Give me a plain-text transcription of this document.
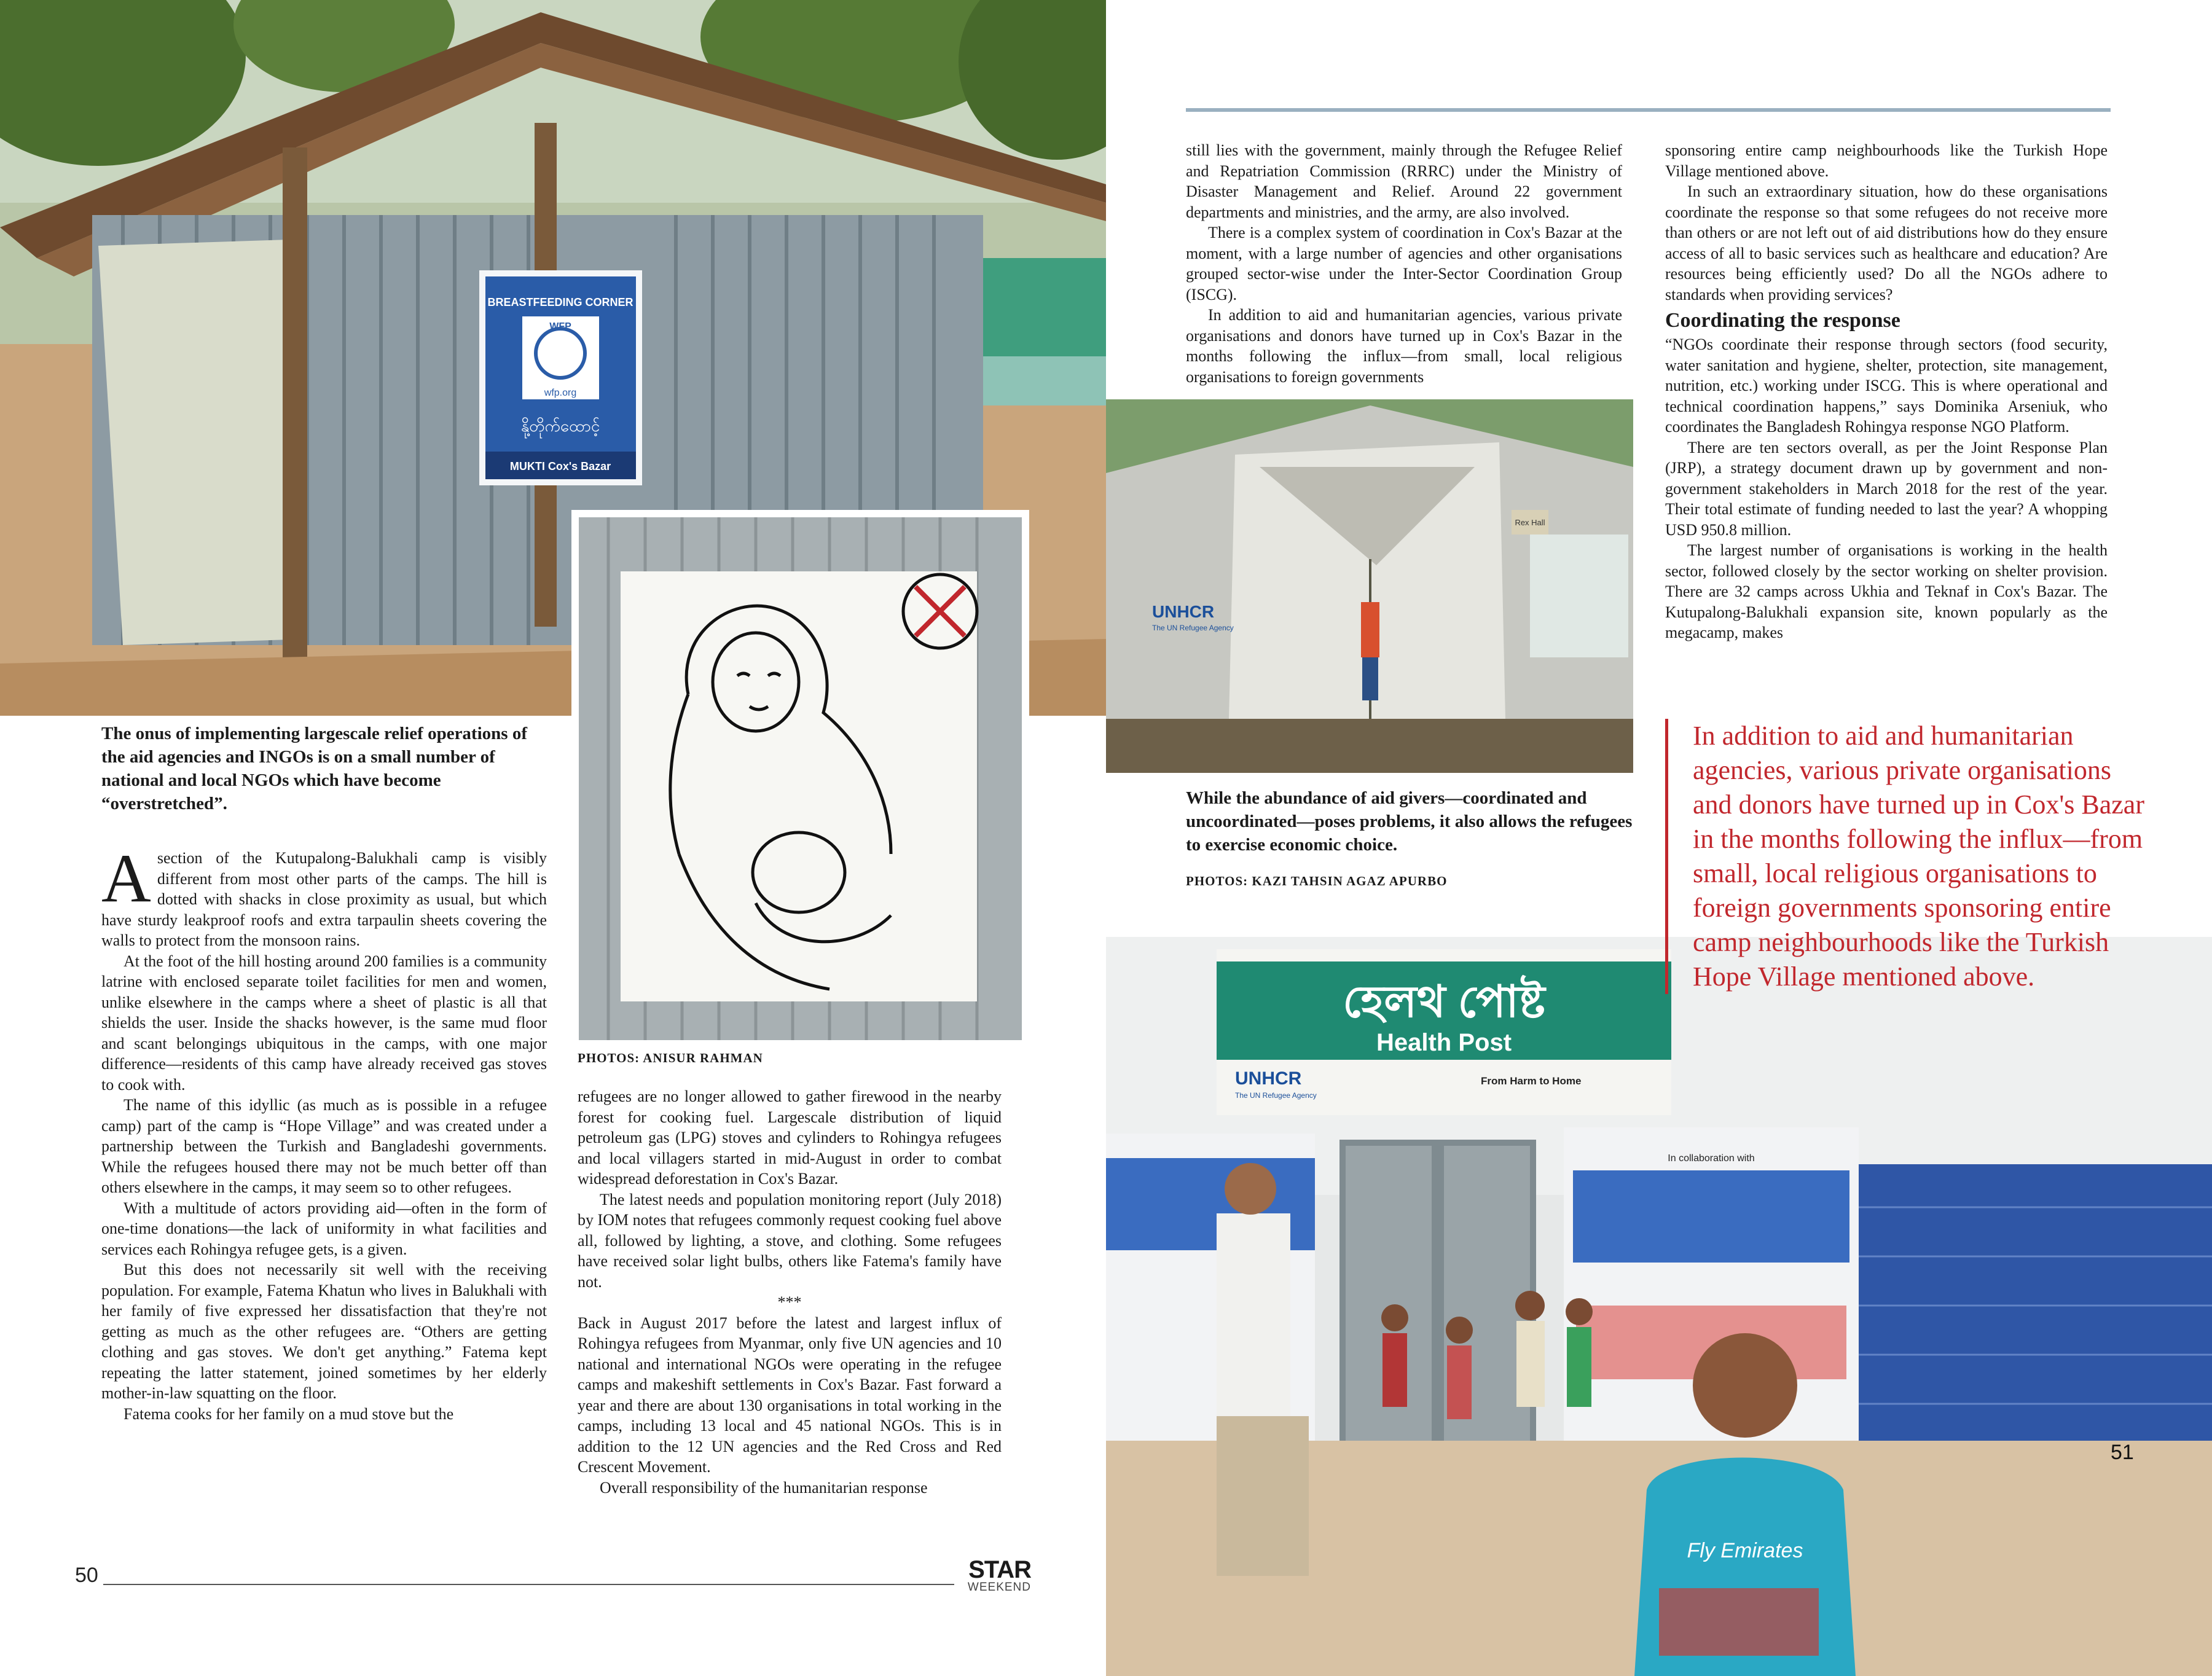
BREASTFEEDING CORNER
WFP
wfp.org
နို့တိုက်ထောင့်
MUKTI Cox's Bazar
Rex Hall
UNHCR
The UN Refugee Agency
হেলথ পোষ্ট
Health Post
UNHCR
The UN Refugee Agency
From Harm to Home
In collaboration with
Fly Emirates
The onus of implementing largescale relief operations of the aid agencies and INGOs is on a small number of national and local NGOs which have become “overstretched”.
PHOTOS: ANISUR RAHMAN
While the abundance of aid givers—coordinated and uncoordinated—poses problems, it also allows the refugees to exercise economic choice.
PHOTOS: KAZI TAHSIN AGAZ APURBO

Asection of the Kutupalong-Balukhali camp is visibly different from most other parts of the camps. The hill is dotted with shacks in close proximity as usual, but which have sturdy leakproof roofs and extra tarpaulin sheets covering the walls to protect from the monsoon rains.

At the foot of the hill hosting around 200 families is a community latrine with enclosed separate toilet facilities for men and women, unlike elsewhere in the camps where a sheet of plastic is all that shields the user. Inside the shacks however, is the same mud floor and scant belongings ubiquitous in the camps, with one major difference—residents of this camp have already received gas stoves to cook with.

The name of this idyllic (as much as is possible in a refugee camp) part of the camp is “Hope Village” and was created under a partnership between the Turkish and Bangladeshi governments. While the refugees housed there may not be much better off than others elsewhere in the camps, it may seem so to other refugees.

With a multitude of actors providing aid—often in the form of one-time donations—the lack of uniformity in what facilities and services each Rohingya refugee gets, is a given.

But this does not necessarily sit well with the receiving population. For example, Fatema Khatun who lives in Balukhali with her family of five expressed her dissatisfaction that they're not getting as much as the other refugees are. “Others are getting clothing and gas stoves. We don't get anything.” Fatema kept repeating the latter statement, joined sometimes by her elderly mother-in-law squatting on the floor.

Fatema cooks for her family on a mud stove but the

refugees are no longer allowed to gather firewood in the nearby forest for cooking fuel. Largescale distribution of liquid petroleum gas (LPG) stoves and cylinders to Rohingya refugees and local villagers started in mid-August in order to combat widespread deforestation in Cox's Bazar.

The latest needs and population monitoring report (July 2018) by IOM notes that refugees commonly request cooking fuel above all, followed by lighting, a stove, and clothing. Some refugees have received solar light bulbs, others like Fatema's family have not.

***

Back in August 2017 before the latest and largest influx of Rohingya refugees from Myanmar, only five UN agencies and 10 national and international NGOs were operating in the refugee camps and makeshift settlements in Cox's Bazar. Fast forward a year and there are about 130 organisations in total working in the camps, including 13 local and 45 national NGOs. This is in addition to the 12 UN agencies and the Red Cross and Red Crescent Movement.

Overall responsibility of the humanitarian response

still lies with the government, mainly through the Refugee Relief and Repatriation Commission (RRRC) under the Ministry of Disaster Management and Relief. Around 22 government departments and ministries, and the army, are also involved.

There is a complex system of coordination in Cox's Bazar at the moment, with a large number of agencies and other organisations grouped sector-wise under the Inter-Sector Coordination Group (ISCG).

In addition to aid and humanitarian agencies, various private organisations and donors have turned up in Cox's Bazar in the months following the influx—from small, local religious organisations to foreign governments

sponsoring entire camp neighbourhoods like the Turkish Hope Village mentioned above.

In such an extraordinary situation, how do these organisations coordinate the response so that some refugees do not receive more than others or are not left out of aid distributions how do they ensure access of all to basic services such as healthcare and education? Are resources being efficiently used? Do all the NGOs adhere to standards when providing services?

Coordinating the response

“NGOs coordinate their response through sectors (food security, water sanitation and hygiene, shelter, protection, site management, nutrition, etc.) working under ISCG. This is where operational and technical coordination happens,” says Dominika Arseniuk, who coordinates the Bangladesh Rohingya response NGO Platform.

There are ten sectors overall, as per the Joint Response Plan (JRP), a strategy document drawn up by government and non-government stakeholders in March 2018 for the rest of the year. Their total estimate of funding needed to last the year? A whopping USD 950.8 million.

The largest number of organisations is working in the health sector, followed closely by the sector working on shelter provision. There are 32 camps across Ukhia and Teknaf in Cox's Bazar. The Kutupalong-Balukhali expansion site, known popularly as the megacamp, makes

In addition to aid and humanitarian agencies, various private organisations and donors have turned up in Cox's Bazar in the months following the influx—from small, local religious organisations to foreign governments sponsoring entire camp neighbourhoods like the Turkish Hope Village mentioned above.
50	STAR
WEEKEND
51
